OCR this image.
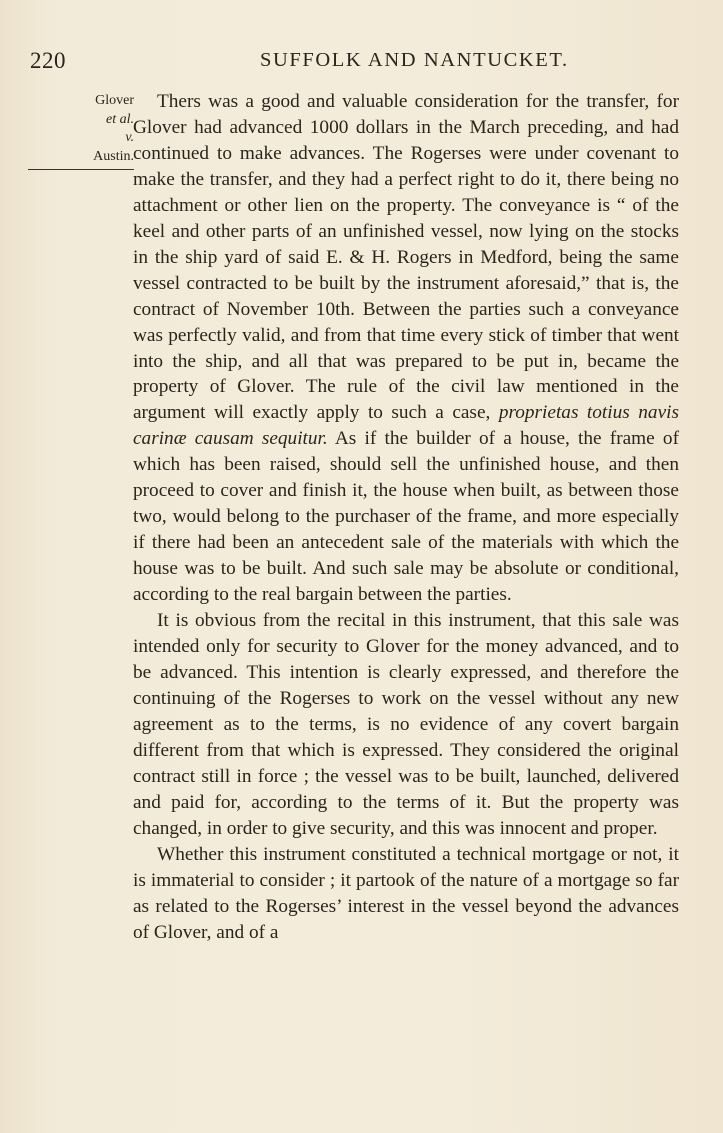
220	SUFFOLK AND NANTUCKET.
Glover
et al.
v.
Austin.

Thers was a good and valuable consideration for the transfer, for Glover had advanced 1000 dollars in the March preceding, and had continued to make advances. The Rogerses were under covenant to make the transfer, and they had a perfect right to do it, there being no attachment or other lien on the property. The conveyance is “ of the keel and other parts of an unfinished vessel, now lying on the stocks in the ship yard of said E. & H. Rogers in Medford, being the same vessel contracted to be built by the instrument aforesaid,” that is, the contract of November 10th. Between the parties such a conveyance was perfectly valid, and from that time every stick of timber that went into the ship, and all that was prepared to be put in, became the property of Glover. The rule of the civil law mentioned in the argument will exactly apply to such a case, proprietas totius navis carinæ causam sequitur. As if the builder of a house, the frame of which has been raised, should sell the unfinished house, and then proceed to cover and finish it, the house when built, as between those two, would belong to the purchaser of the frame, and more especially if there had been an antecedent sale of the materials with which the house was to be built. And such sale may be absolute or conditional, according to the real bargain between the parties.

It is obvious from the recital in this instrument, that this sale was intended only for security to Glover for the money advanced, and to be advanced. This intention is clearly expressed, and therefore the continuing of the Rogerses to work on the vessel without any new agreement as to the terms, is no evidence of any covert bargain different from that which is expressed. They considered the original contract still in force ; the vessel was to be built, launched, delivered and paid for, according to the terms of it. But the property was changed, in order to give security, and this was innocent and proper.

Whether this instrument constituted a technical mortgage or not, it is immaterial to consider ; it partook of the nature of a mortgage so far as related to the Rogerses’ interest in the vessel beyond the advances of Glover, and of a
